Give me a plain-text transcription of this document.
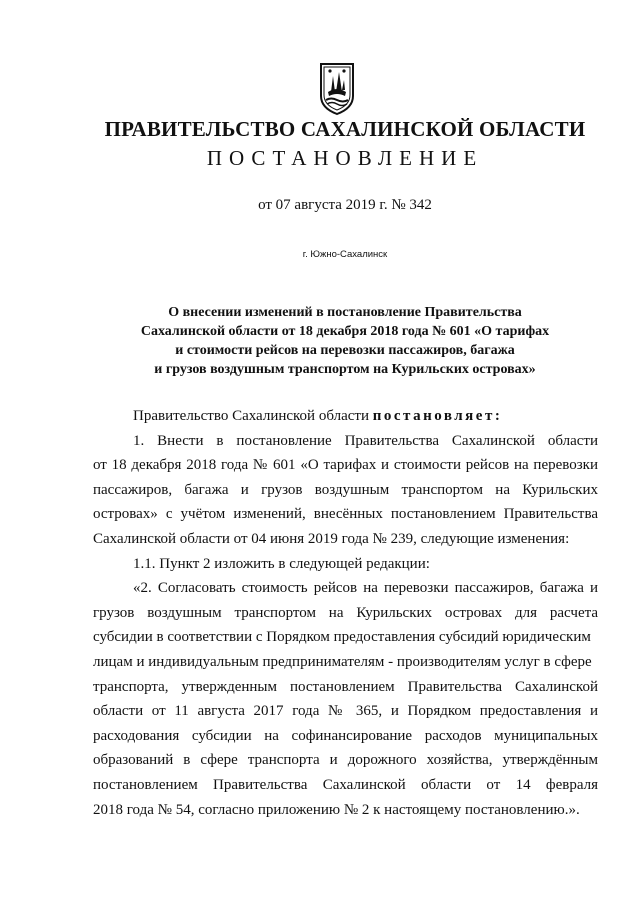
ПРАВИТЕЛЬСТВО САХАЛИНСКОЙ ОБЛАСТИ
ПОСТАНОВЛЕНИЕ
от 07 августа 2019 г. № 342
г. Южно-Сахалинск
О внесении изменений в постановление Правительства
Сахалинской области от 18 декабря 2018 года № 601 «О тарифах
и стоимости рейсов на перевозки пассажиров, багажа
и грузов воздушным транспортом на Курильских островах»
Правительство Сахалинской области постановляет:
1. Внести в постановление Правительства Сахалинской области
от 18 декабря 2018 года № 601 «О тарифах и стоимости рейсов на перевозки
пассажиров, багажа и грузов воздушным транспортом на Курильских
островах» с учётом изменений, внесённых постановлением Правительства
Сахалинской области от 04 июня 2019 года № 239, следующие изменения:
1.1. Пункт 2 изложить в следующей редакции:
«2. Согласовать стоимость рейсов на перевозки пассажиров, багажа и
грузов воздушным транспортом на Курильских островах для расчета
субсидии в соответствии с Порядком предоставления субсидий юридическим
лицам и индивидуальным предпринимателям - производителям услуг в сфере
транспорта, утвержденным постановлением Правительства Сахалинской
области от 11 августа 2017 года № 365, и Порядком предоставления и
расходования субсидии на софинансирование расходов муниципальных
образований в сфере транспорта и дорожного хозяйства, утверждённым
постановлением Правительства Сахалинской области от 14 февраля
2018 года № 54, согласно приложению № 2 к настоящему постановлению.».
